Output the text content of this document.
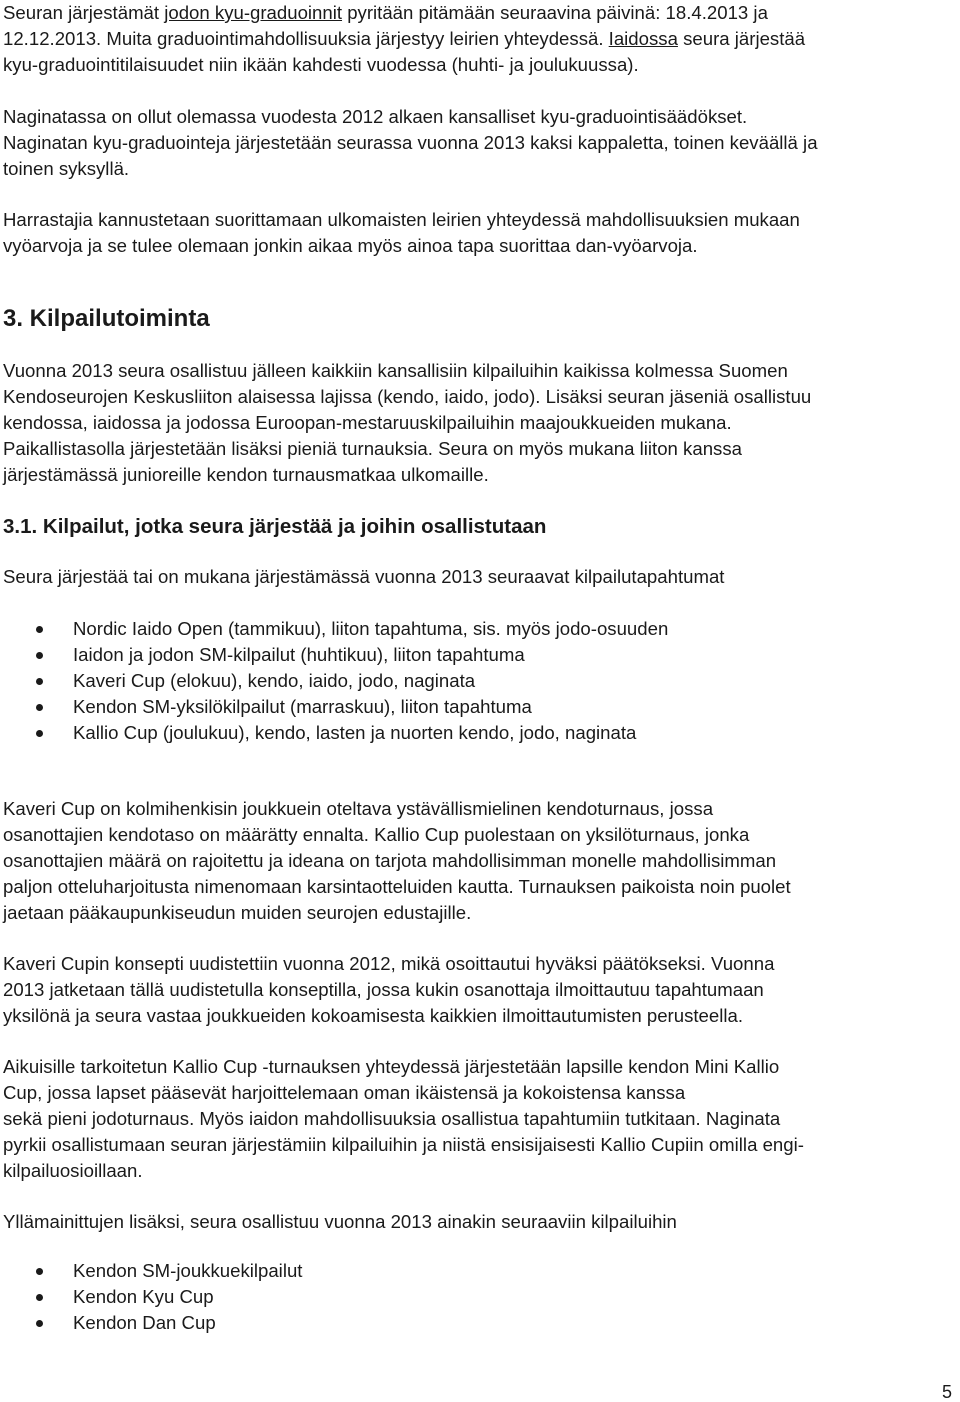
Seuran järjestämät jodon kyu-graduoinnit pyritään pitämään seuraavina päivinä: 18.4.2013 ja
12.12.2013. Muita graduointimahdollisuuksia järjestyy leirien yhteydessä. Iaidossa seura järjestää
kyu-graduointitilaisuudet niin ikään kahdesti vuodessa (huhti- ja joulukuussa).

Naginatassa on ollut olemassa vuodesta 2012 alkaen kansalliset kyu-graduointisäädökset.
Naginatan kyu-graduointeja järjestetään seurassa vuonna 2013 kaksi kappaletta, toinen keväällä ja
toinen syksyllä.

Harrastajia kannustetaan suorittamaan ulkomaisten leirien yhteydessä mahdollisuuksien mukaan
vyöarvoja ja se tulee olemaan jonkin aikaa myös ainoa tapa suorittaa dan-vyöarvoja.

3. Kilpailutoiminta

Vuonna 2013 seura osallistuu jälleen kaikkiin kansallisiin kilpailuihin kaikissa kolmessa Suomen
Kendoseurojen Keskusliiton alaisessa lajissa (kendo, iaido, jodo). Lisäksi seuran jäseniä osallistuu
kendossa, iaidossa ja jodossa Euroopan-mestaruuskilpailuihin maajoukkueiden mukana.
Paikallistasolla järjestetään lisäksi pieniä turnauksia. Seura on myös mukana liiton kanssa
järjestämässä junioreille kendon turnausmatkaa ulkomaille.

3.1. Kilpailut, jotka seura järjestää ja joihin osallistutaan

Seura järjestää tai on mukana järjestämässä vuonna 2013 seuraavat kilpailutapahtumat

Nordic Iaido Open (tammikuu), liiton tapahtuma, sis. myös jodo-osuuden
Iaidon ja jodon SM-kilpailut (huhtikuu), liiton tapahtuma
Kaveri Cup (elokuu), kendo, iaido, jodo, naginata
Kendon SM-yksilökilpailut (marraskuu), liiton tapahtuma
Kallio Cup (joulukuu), kendo, lasten ja nuorten kendo, jodo, naginata

Kaveri Cup on kolmihenkisin joukkuein oteltava ystävällismielinen kendoturnaus, jossa
osanottajien kendotaso on määrätty ennalta. Kallio Cup puolestaan on yksilöturnaus, jonka
osanottajien määrä on rajoitettu ja ideana on tarjota mahdollisimman monelle mahdollisimman
paljon otteluharjoitusta nimenomaan karsintaotteluiden kautta. Turnauksen paikoista noin puolet
jaetaan pääkaupunkiseudun muiden seurojen edustajille.

Kaveri Cupin konsepti uudistettiin vuonna 2012, mikä osoittautui hyväksi päätökseksi. Vuonna
2013 jatketaan tällä uudistetulla konseptilla, jossa kukin osanottaja ilmoittautuu tapahtumaan
yksilönä ja seura vastaa joukkueiden kokoamisesta kaikkien ilmoittautumisten perusteella.

Aikuisille tarkoitetun Kallio Cup -turnauksen yhteydessä järjestetään lapsille kendon Mini Kallio
Cup, jossa lapset pääsevät harjoittelemaan oman ikäistensä ja kokoistensa kanssa
sekä pieni jodoturnaus. Myös iaidon mahdollisuuksia osallistua tapahtumiin tutkitaan. Naginata
pyrkii osallistumaan seuran järjestämiin kilpailuihin ja niistä ensisijaisesti Kallio Cupiin omilla engi-
kilpailuosioillaan.

Yllämainittujen lisäksi, seura osallistuu vuonna 2013 ainakin seuraaviin kilpailuihin

Kendon SM-joukkuekilpailut
Kendon Kyu Cup
Kendon Dan Cup
5
